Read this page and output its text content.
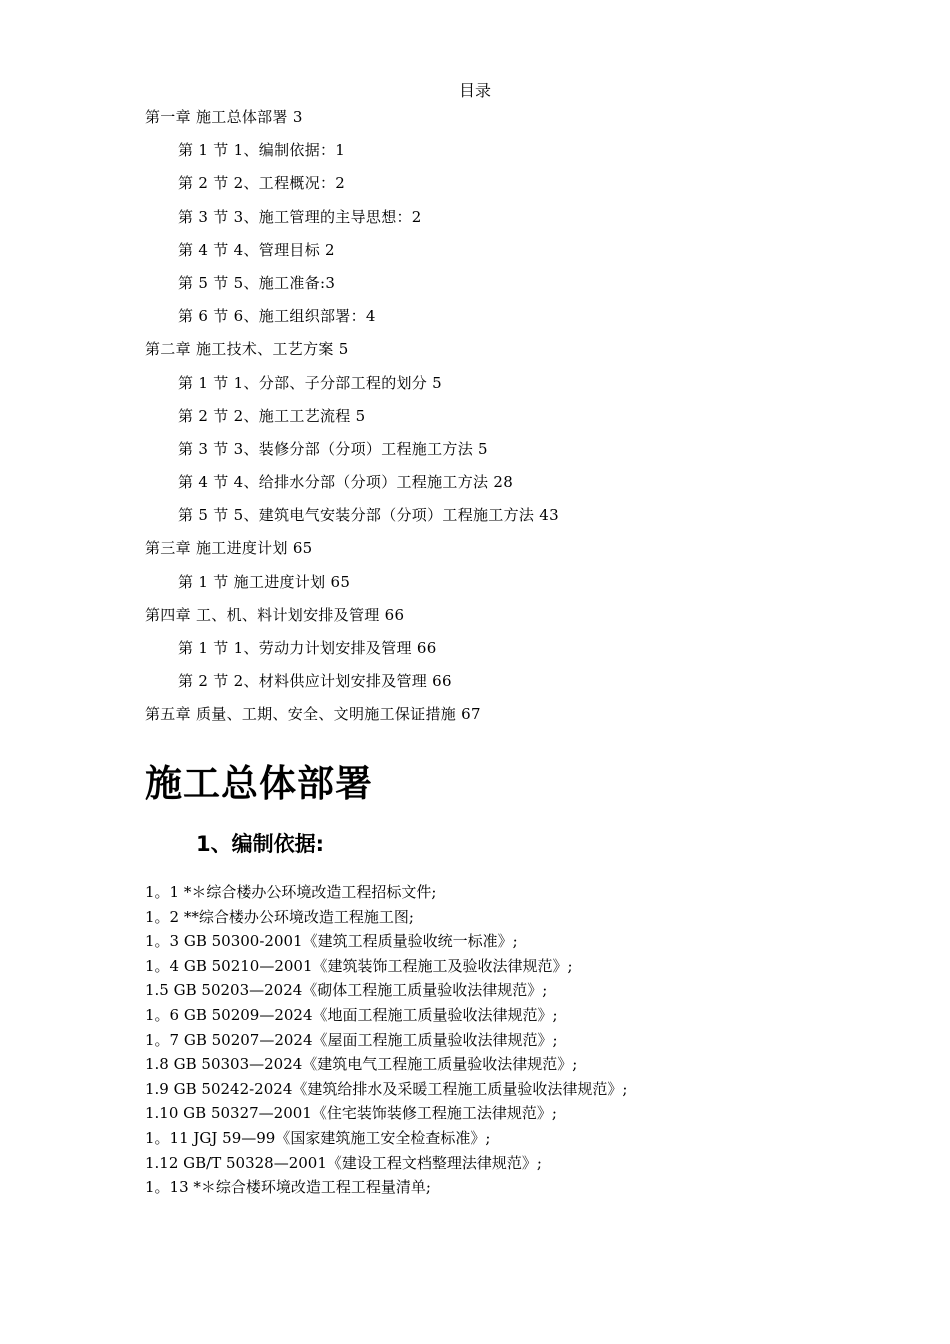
目录
第一章 施工总体部署 3
第 1 节 1、编制依据：1
第 2 节 2、工程概况：2
第 3 节 3、施工管理的主导思想：2
第 4 节 4、管理目标 2
第 5 节 5、施工准备:3
第 6 节 6、施工组织部署：4
第二章 施工技术、工艺方案 5
第 1 节 1、分部、子分部工程的划分 5
第 2 节 2、施工工艺流程 5
第 3 节 3、装修分部（分项）工程施工方法 5
第 4 节 4、给排水分部（分项）工程施工方法 28
第 5 节 5、建筑电气安装分部（分项）工程施工方法 43
第三章 施工进度计划 65
第 1 节 施工进度计划 65
第四章 工、机、料计划安排及管理 66
第 1 节 1、劳动力计划安排及管理 66
第 2 节 2、材料供应计划安排及管理 66
第五章 质量、工期、安全、文明施工保证措施 67
施工总体部署
1、编制依据:
1。1 *＊综合楼办公环境改造工程招标文件;
1。2 **综合楼办公环境改造工程施工图;
1。3 GB 50300-2001《建筑工程质量验收统一标准》;
1。4 GB 50210—2001《建筑装饰工程施工及验收法律规范》;
1.5 GB 50203—2024《砌体工程施工质量验收法律规范》;
1。6 GB 50209—2024《地面工程施工质量验收法律规范》;
1。7 GB 50207—2024《屋面工程施工质量验收法律规范》;
1.8 GB 50303—2024《建筑电气工程施工质量验收法律规范》;
1.9 GB 50242-2024《建筑给排水及采暖工程施工质量验收法律规范》;
1.10 GB 50327—2001《住宅装饰装修工程施工法律规范》;
1。11 JGJ 59—99《国家建筑施工安全检查标准》;
1.12 GB/T 50328—2001《建设工程文档整理法律规范》;
1。13 *＊综合楼环境改造工程工程量清单;
